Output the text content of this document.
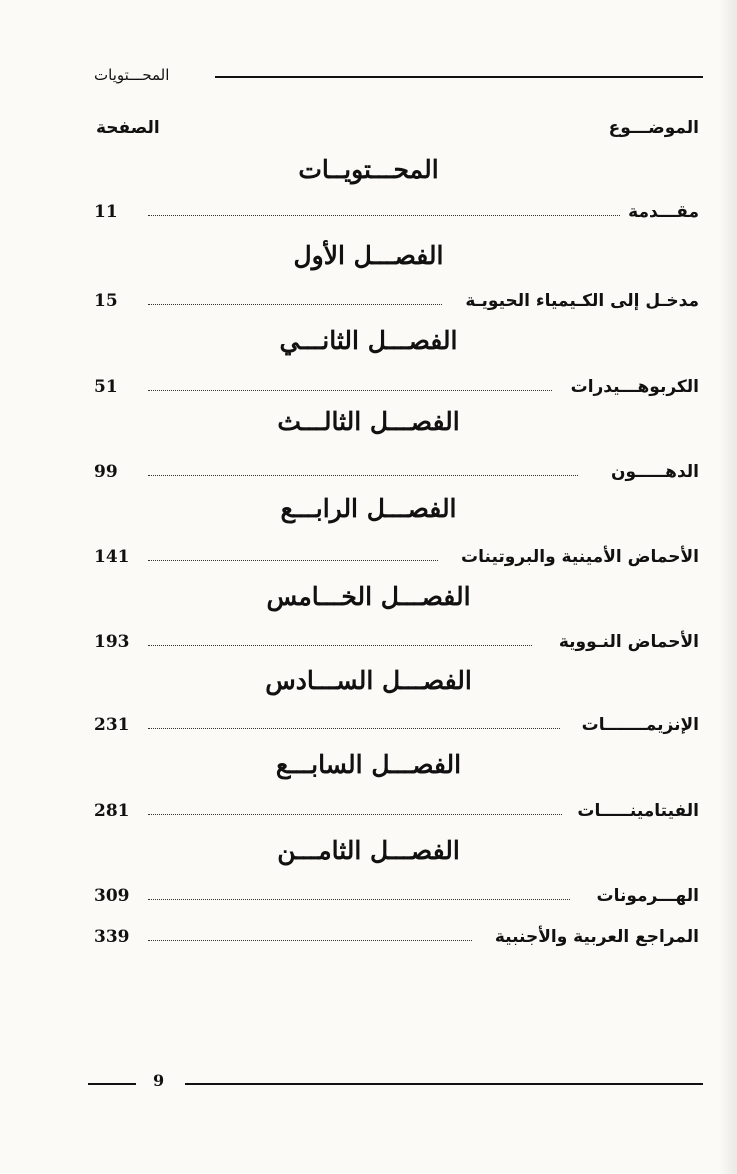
المحـــتويات
الموضـــوع
الصفحة
المحـــتويــات
مقـــدمة
11
الفصـــل الأول
مدخـل إلى الكـيمياء الحيويـة
15
الفصـــل الثانـــي
الكربوهـــيدرات
51
الفصـــل الثالـــث
الدهـــــون
99
الفصـــل الرابـــع
الأحماض الأمينية والبروتينات
141
الفصـــل الخـــامس
الأحماض النـووية
193
الفصـــل الســـادس
الإنزيمـــــــات
231
الفصـــل السابـــع
الفيتامينـــــات
281
الفصـــل الثامـــن
الهـــرمونات
309
المراجع العربية والأجنبية
339
9
